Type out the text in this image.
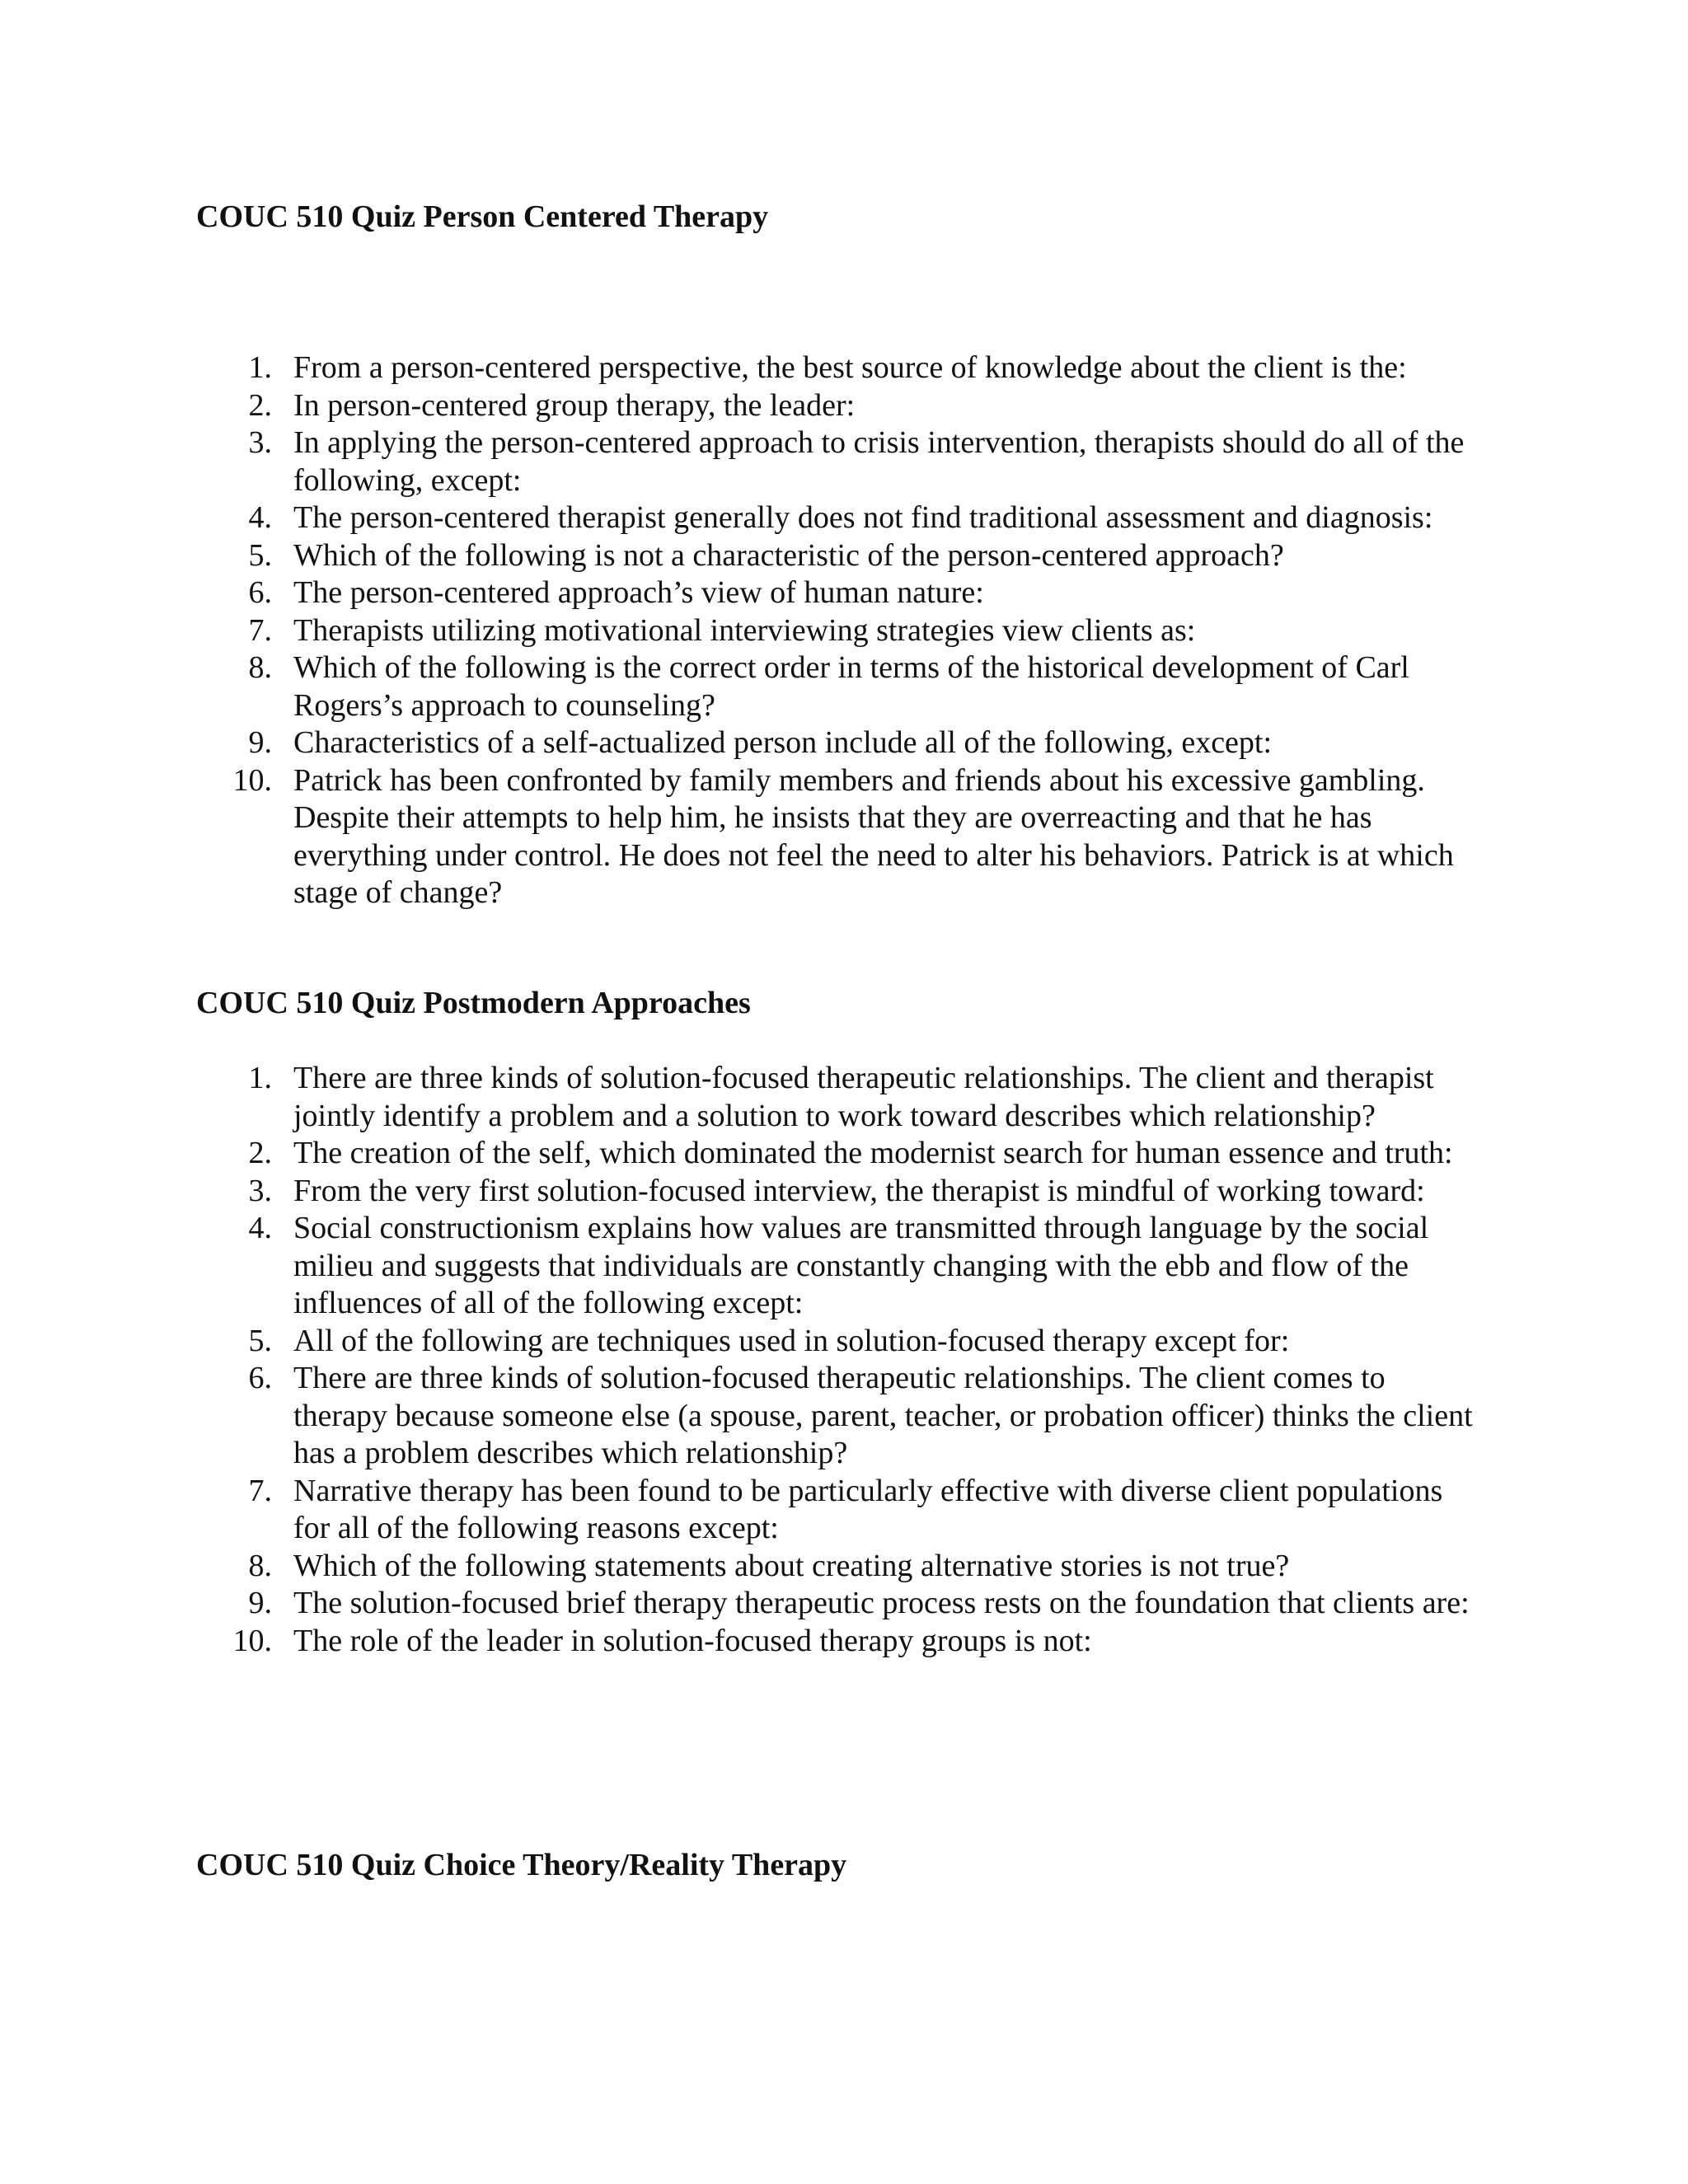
COUC 510 Quiz Person Centered Therapy
1. From a person-centered perspective, the best source of knowledge about the client is the:
2. In person-centered group therapy, the leader:
3. In applying the person-centered approach to crisis intervention, therapists should do all of the following, except:
4. The person-centered therapist generally does not find traditional assessment and diagnosis:
5. Which of the following is not a characteristic of the person-centered approach?
6. The person-centered approach’s view of human nature:
7. Therapists utilizing motivational interviewing strategies view clients as:
8. Which of the following is the correct order in terms of the historical development of Carl Rogers’s approach to counseling?
9. Characteristics of a self-actualized person include all of the following, except:
10. Patrick has been confronted by family members and friends about his excessive gambling. Despite their attempts to help him, he insists that they are overreacting and that he has everything under control. He does not feel the need to alter his behaviors. Patrick is at which stage of change?
COUC 510 Quiz Postmodern Approaches
1. There are three kinds of solution-focused therapeutic relationships. The client and therapist jointly identify a problem and a solution to work toward describes which relationship?
2. The creation of the self, which dominated the modernist search for human essence and truth:
3. From the very first solution-focused interview, the therapist is mindful of working toward:
4. Social constructionism explains how values are transmitted through language by the social milieu and suggests that individuals are constantly changing with the ebb and flow of the influences of all of the following except:
5. All of the following are techniques used in solution-focused therapy except for:
6. There are three kinds of solution-focused therapeutic relationships. The client comes to therapy because someone else (a spouse, parent, teacher, or probation officer) thinks the client has a problem describes which relationship?
7. Narrative therapy has been found to be particularly effective with diverse client populations for all of the following reasons except:
8. Which of the following statements about creating alternative stories is not true?
9. The solution-focused brief therapy therapeutic process rests on the foundation that clients are:
10. The role of the leader in solution-focused therapy groups is not:
COUC 510 Quiz Choice Theory/Reality Therapy
